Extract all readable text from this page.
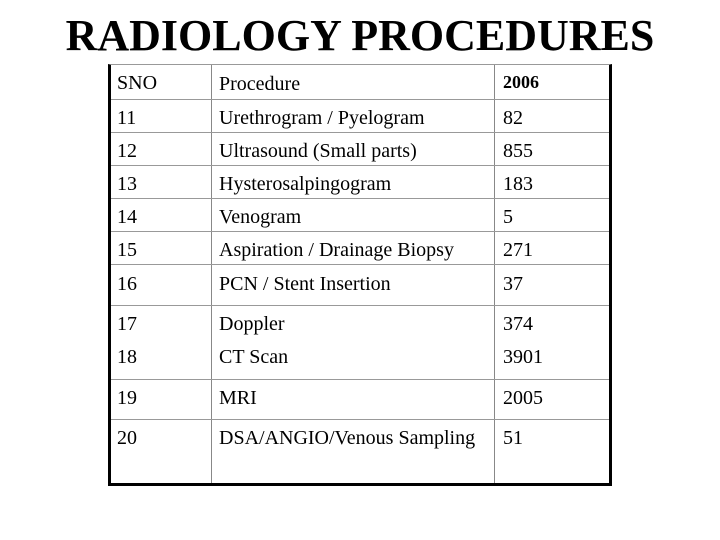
RADIOLOGY PROCEDURES
SNO	Procedure	2006
11	Urethrogram / Pyelogram	82
12	Ultrasound (Small parts)	855
13	Hysterosalpingogram	183
14	Venogram	5
15	Aspiration / Drainage Biopsy 271
16	PCN / Stent Insertion	37
17	Doppler	374
18	CT Scan	3901
19	MRI	2005
20	DSA/ANGIO/Venous Sampling	51
